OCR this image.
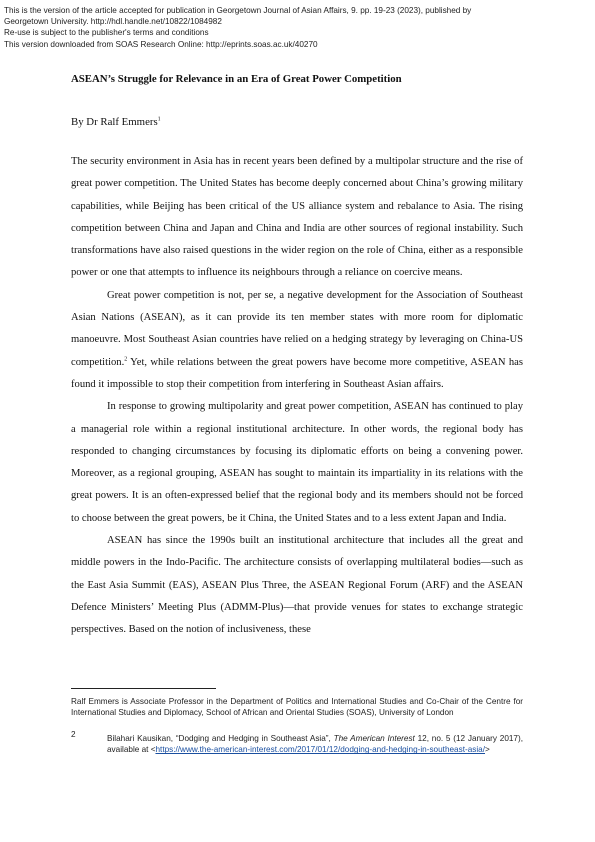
This is the version of the article accepted for publication in Georgetown Journal of Asian Affairs, 9. pp. 19-23 (2023), published by
Georgetown University. http://hdl.handle.net/10822/1084982
Re-use is subject to the publisher's terms and conditions
This version downloaded from SOAS Research Online: http://eprints.soas.ac.uk/40270
ASEAN’s Struggle for Relevance in an Era of Great Power Competition
By Dr Ralf Emmers$^1$

The security environment in Asia has in recent years been defined by a multipolar structure and the rise of great power competition. The United States has become deeply concerned about China’s growing military capabilities, while Beijing has been critical of the US alliance system and rebalance to Asia. The rising competition between China and Japan and China and India are other sources of regional instability. Such transformations have also raised questions in the wider region on the role of China, either as a responsible power or one that attempts to influence its neighbours through a reliance on coercive means.

Great power competition is not, per se, a negative development for the Association of Southeast Asian Nations (ASEAN), as it can provide its ten member states with more room for diplomatic manoeuvre. Most Southeast Asian countries have relied on a hedging strategy by leveraging on China-US competition.$^2$ Yet, while relations between the great powers have become more competitive, ASEAN has found it impossible to stop their competition from interfering in Southeast Asian affairs.

In response to growing multipolarity and great power competition, ASEAN has continued to play a managerial role within a regional institutional architecture. In other words, the regional body has responded to changing circumstances by focusing its diplomatic efforts on being a convening power. Moreover, as a regional grouping, ASEAN has sought to maintain its impartiality in its relations with the great powers. It is an often-expressed belief that the regional body and its members should not be forced to choose between the great powers, be it China, the United States and to a less extent Japan and India.

ASEAN has since the 1990s built an institutional architecture that includes all the great and middle powers in the Indo-Pacific. The architecture consists of overlapping multilateral bodies—such as the East Asia Summit (EAS), ASEAN Plus Three, the ASEAN Regional Forum (ARF) and the ASEAN Defence Ministers’ Meeting Plus (ADMM-Plus)—that provide venues for states to exchange strategic perspectives. Based on the notion of inclusiveness, these

Ralf Emmers is Associate Professor in the Department of Politics and International Studies and Co-Chair of the Centre for International Studies and Diplomacy, School of African and Oriental Studies (SOAS), University of London
2	Bilahari Kausikan, “Dodging and Hedging in Southeast Asia”, The American Interest 12, no. 5 (12 January 2017), available at <https://www.the-american-interest.com/2017/01/12/dodging-and-hedging-in-southeast-asia/>
